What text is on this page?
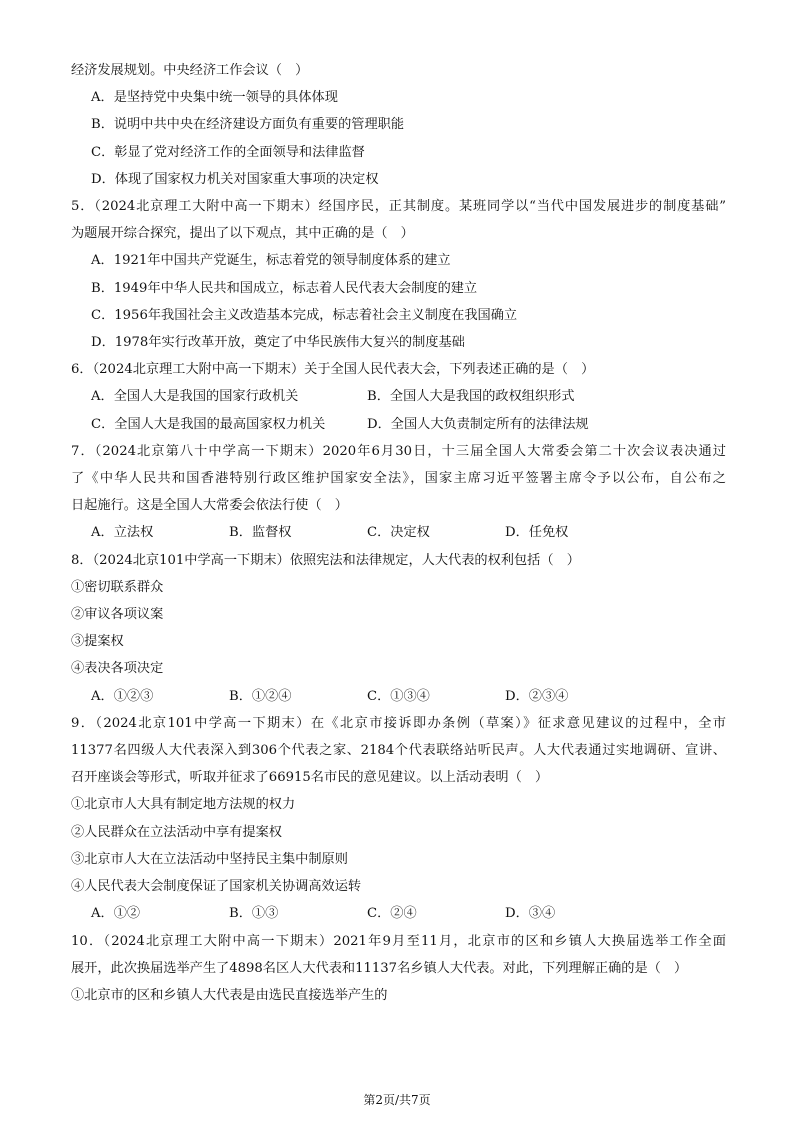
经济发展规划。中央经济工作会议（　）
A．是坚持党中央集中统一领导的具体体现
B．说明中共中央在经济建设方面负有重要的管理职能
C．彰显了党对经济工作的全面领导和法律监督
D．体现了国家权力机关对国家重大事项的决定权
5．（2024北京理工大附中高一下期末）经国序民，正其制度。某班同学以“当代中国发展进步的制度基础”
为题展开综合探究，提出了以下观点，其中正确的是（　）
A．1921年中国共产党诞生，标志着党的领导制度体系的建立
B．1949年中华人民共和国成立，标志着人民代表大会制度的建立
C．1956年我国社会主义改造基本完成，标志着社会主义制度在我国确立
D．1978年实行改革开放，奠定了中华民族伟大复兴的制度基础
6．（2024北京理工大附中高一下期末）关于全国人民代表大会，下列表述正确的是（　）
A．全国人大是我国的国家行政机关	B．全国人大是我国的政权组织形式
C．全国人大是我国的最高国家权力机关	D．全国人大负责制定所有的法律法规
7．（2024北京第八十中学高一下期末）2020年6月30日，十三届全国人大常委会第二十次会议表决通过
了《中华人民共和国香港特别行政区维护国家安全法》，国家主席习近平签署主席令予以公布，自公布之
日起施行。这是全国人大常委会依法行使（　）
A．立法权	B．监督权	C．决定权	D．任免权
8．（2024北京101中学高一下期末）依照宪法和法律规定，人大代表的权利包括（　）
①密切联系群众
②审议各项议案
③提案权
④表决各项决定
A．①②③	B．①②④	C．①③④	D．②③④
9．（2024北京101中学高一下期末）在《北京市接诉即办条例（草案）》征求意见建议的过程中，全市
11377名四级人大代表深入到306个代表之家、2184个代表联络站听民声。人大代表通过实地调研、宣讲、
召开座谈会等形式，听取并征求了66915名市民的意见建议。以上活动表明（　）
①北京市人大具有制定地方法规的权力
②人民群众在立法活动中享有提案权
③北京市人大在立法活动中坚持民主集中制原则
④人民代表大会制度保证了国家机关协调高效运转
A．①②	B．①③	C．②④	D．③④
10．（2024北京理工大附中高一下期末）2021年9月至11月，北京市的区和乡镇人大换届选举工作全面
展开，此次换届选举产生了4898名区人大代表和11137名乡镇人大代表。对此，下列理解正确的是（　）
①北京市的区和乡镇人大代表是由选民直接选举产生的
第2页/共7页
